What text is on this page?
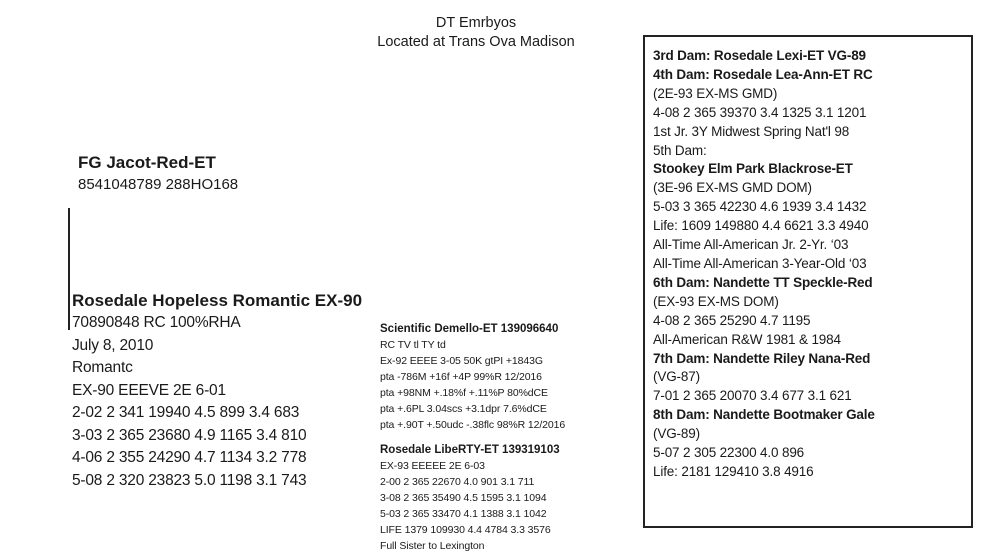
DT Emrbyos
Located at Trans Ova Madison
FG Jacot-Red-ET
8541048789 288HO168
Rosedale Hopeless Romantic EX-90
70890848 RC 100%RHA
July 8, 2010
Romantc
EX-90 EEEVE 2E 6-01
2-02 2 341 19940 4.5 899 3.4 683
3-03 2 365 23680 4.9 1165 3.4 810
4-06 2 355 24290 4.7 1134 3.2 778
5-08 2 320 23823 5.0 1198 3.1 743
Scientific Demello-ET 139096640
RC TV tl TY td
Ex-92 EEEE 3-05 50K gtPI +1843G
pta -786M +16f +4P 99%R 12/2016
pta +98NM +.18%f +.11%P 80%dCE
pta +.6PL 3.04scs +3.1dpr 7.6%dCE
pta +.90T +.50udc -.38flc 98%R 12/2016
Rosedale LibeRTY-ET 139319103
EX-93 EEEEE 2E 6-03
2-00 2 365 22670 4.0 901 3.1 711
3-08 2 365 35490 4.5 1595 3.1 1094
5-03 2 365 33470 4.1 1388 3.1 1042
LIFE 1379 109930 4.4 4784 3.3 3576
Full Sister to Lexington
3rd Dam: Rosedale Lexi-ET VG-89
4th Dam: Rosedale Lea-Ann-ET RC
(2E-93 EX-MS GMD)
4-08 2 365 39370 3.4 1325 3.1 1201
1st Jr. 3Y Midwest Spring Nat'l 98
5th Dam:
Stookey Elm Park Blackrose-ET
(3E-96 EX-MS GMD DOM)
5-03 3 365 42230 4.6 1939 3.4 1432
Life: 1609 149880 4.4 6621 3.3 4940
All-Time All-American Jr. 2-Yr. ‘03
All-Time All-American 3-Year-Old ‘03
6th Dam: Nandette TT Speckle-Red
(EX-93 EX-MS DOM)
4-08 2 365 25290 4.7 1195
All-American R&W 1981 & 1984
7th Dam: Nandette Riley Nana-Red
(VG-87)
7-01 2 365 20070 3.4 677 3.1 621
8th Dam: Nandette Bootmaker Gale
(VG-89)
5-07 2 305 22300 4.0 896
Life: 2181 129410 3.8 4916
